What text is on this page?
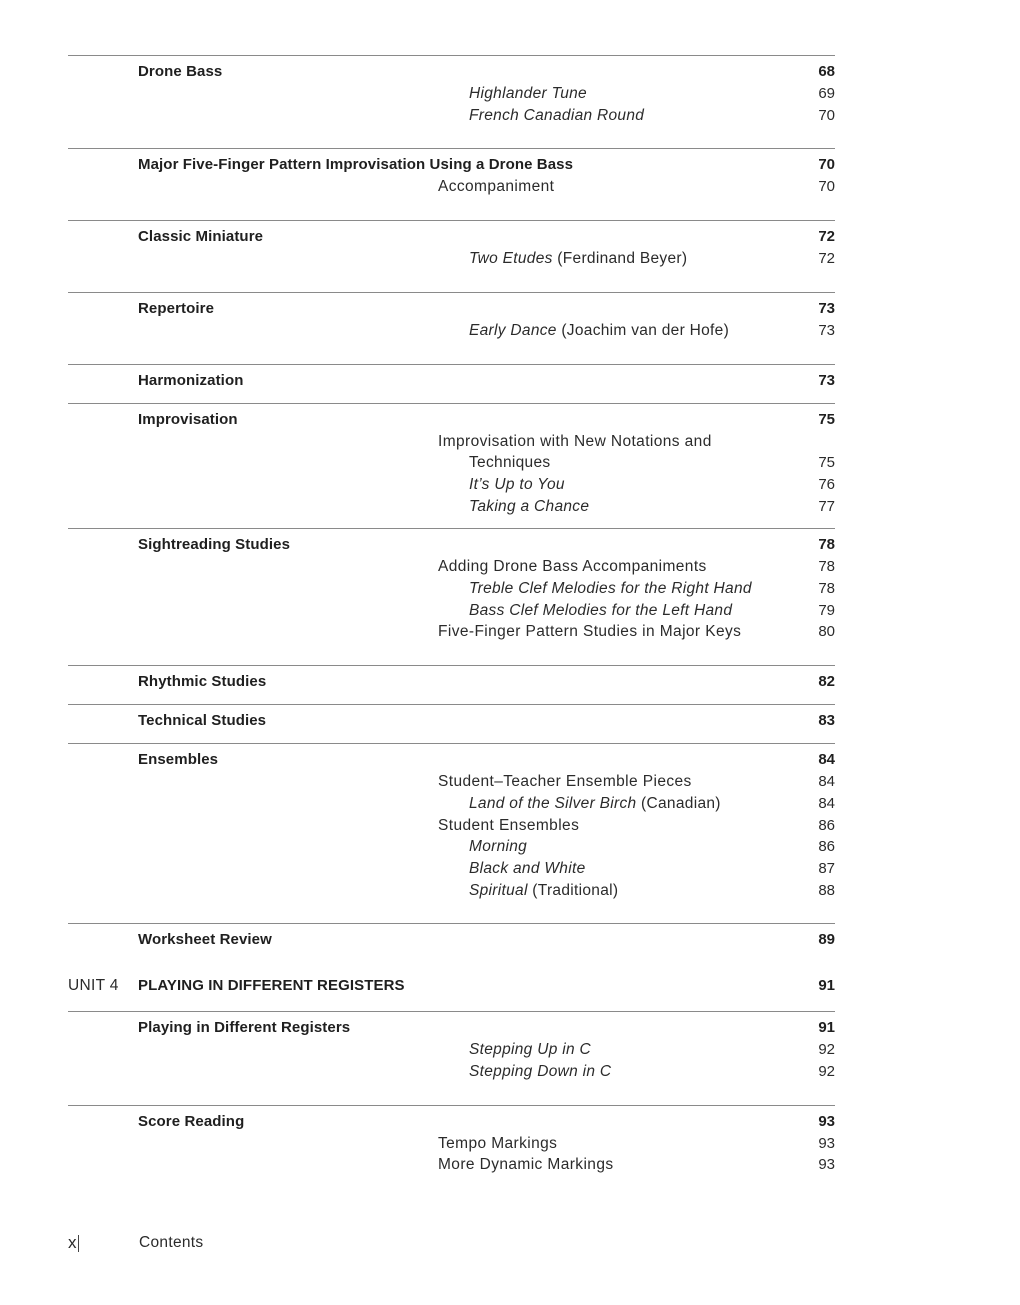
Drone Bass	68
Highlander Tune	69
French Canadian Round	70
Major Five-Finger Pattern Improvisation Using a Drone Bass	70
Accompaniment	70
Classic Miniature	72
Two Etudes (Ferdinand Beyer)	72
Repertoire	73
Early Dance (Joachim van der Hofe)	73
Harmonization	73
Improvisation	75
Improvisation with New Notations and
Techniques	75
It’s Up to You	76
Taking a Chance	77
Sightreading Studies	78
Adding Drone Bass Accompaniments	78
Treble Clef Melodies for the Right Hand	78
Bass Clef Melodies for the Left Hand	79
Five-Finger Pattern Studies in Major Keys	80
Rhythmic Studies	82
Technical Studies	83
Ensembles	84
Student–Teacher Ensemble Pieces	84
Land of the Silver Birch (Canadian)	84
Student Ensembles	86
Morning	86
Black and White	87
Spiritual (Traditional)	88
Worksheet Review	89
UNIT 4 PLAYING IN DIFFERENT REGISTERS	91
Playing in Different Registers	91
Stepping Up in C	92
Stepping Down in C	92
Score Reading	93
Tempo Markings	93
More Dynamic Markings	93
x	Contents
